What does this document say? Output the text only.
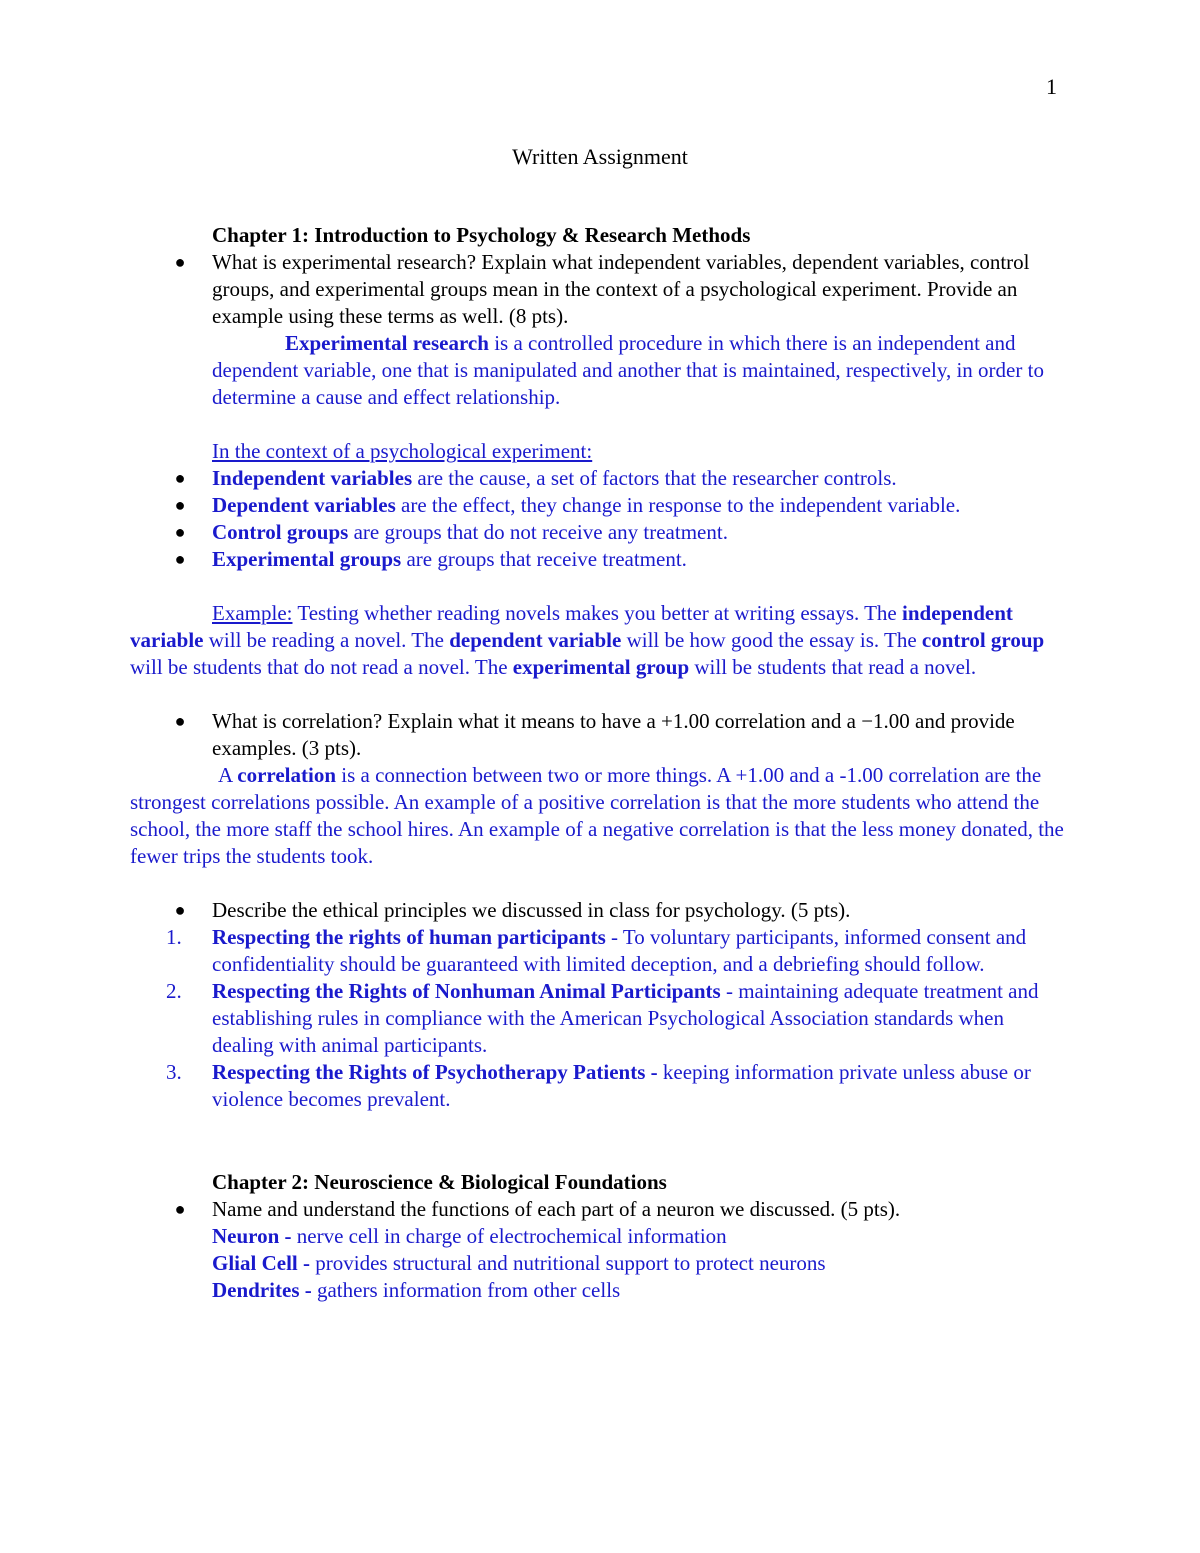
1
Written Assignment

Chapter 1: Introduction to Psychology & Research Methods

● What is experimental research? Explain what independent variables, dependent variables, control groups, and experimental groups mean in the context of a psychological experiment. Provide an example using these terms as well. (8 pts).

Experimental research is a controlled procedure in which there is an independent and dependent variable, one that is manipulated and another that is maintained, respectively, in order to determine a cause and effect relationship.

In the context of a psychological experiment:

● Independent variables are the cause, a set of factors that the researcher controls.
● Dependent variables are the effect, they change in response to the independent variable.
● Control groups are groups that do not receive any treatment.
● Experimental groups are groups that receive treatment.

Example: Testing whether reading novels makes you better at writing essays. The independent variable will be reading a novel. The dependent variable will be how good the essay is. The control group will be students that do not read a novel. The experimental group will be students that read a novel.

● What is correlation? Explain what it means to have a +1.00 correlation and a −1.00 and provide examples. (3 pts).

A correlation is a connection between two or more things. A +1.00 and a -1.00 correlation are the strongest correlations possible. An example of a positive correlation is that the more students who attend the school, the more staff the school hires. An example of a negative correlation is that the less money donated, the fewer trips the students took.

● Describe the ethical principles we discussed in class for psychology. (5 pts).
1. Respecting the rights of human participants - To voluntary participants, informed consent and confidentiality should be guaranteed with limited deception, and a debriefing should follow.
2. Respecting the Rights of Nonhuman Animal Participants - maintaining adequate treatment and establishing rules in compliance with the American Psychological Association standards when dealing with animal participants.
3. Respecting the Rights of Psychotherapy Patients - keeping information private unless abuse or violence becomes prevalent.

Chapter 2: Neuroscience & Biological Foundations

● Name and understand the functions of each part of a neuron we discussed. (5 pts).

Neuron - nerve cell in charge of electrochemical information

Glial Cell - provides structural and nutritional support to protect neurons

Dendrites - gathers information from other cells
